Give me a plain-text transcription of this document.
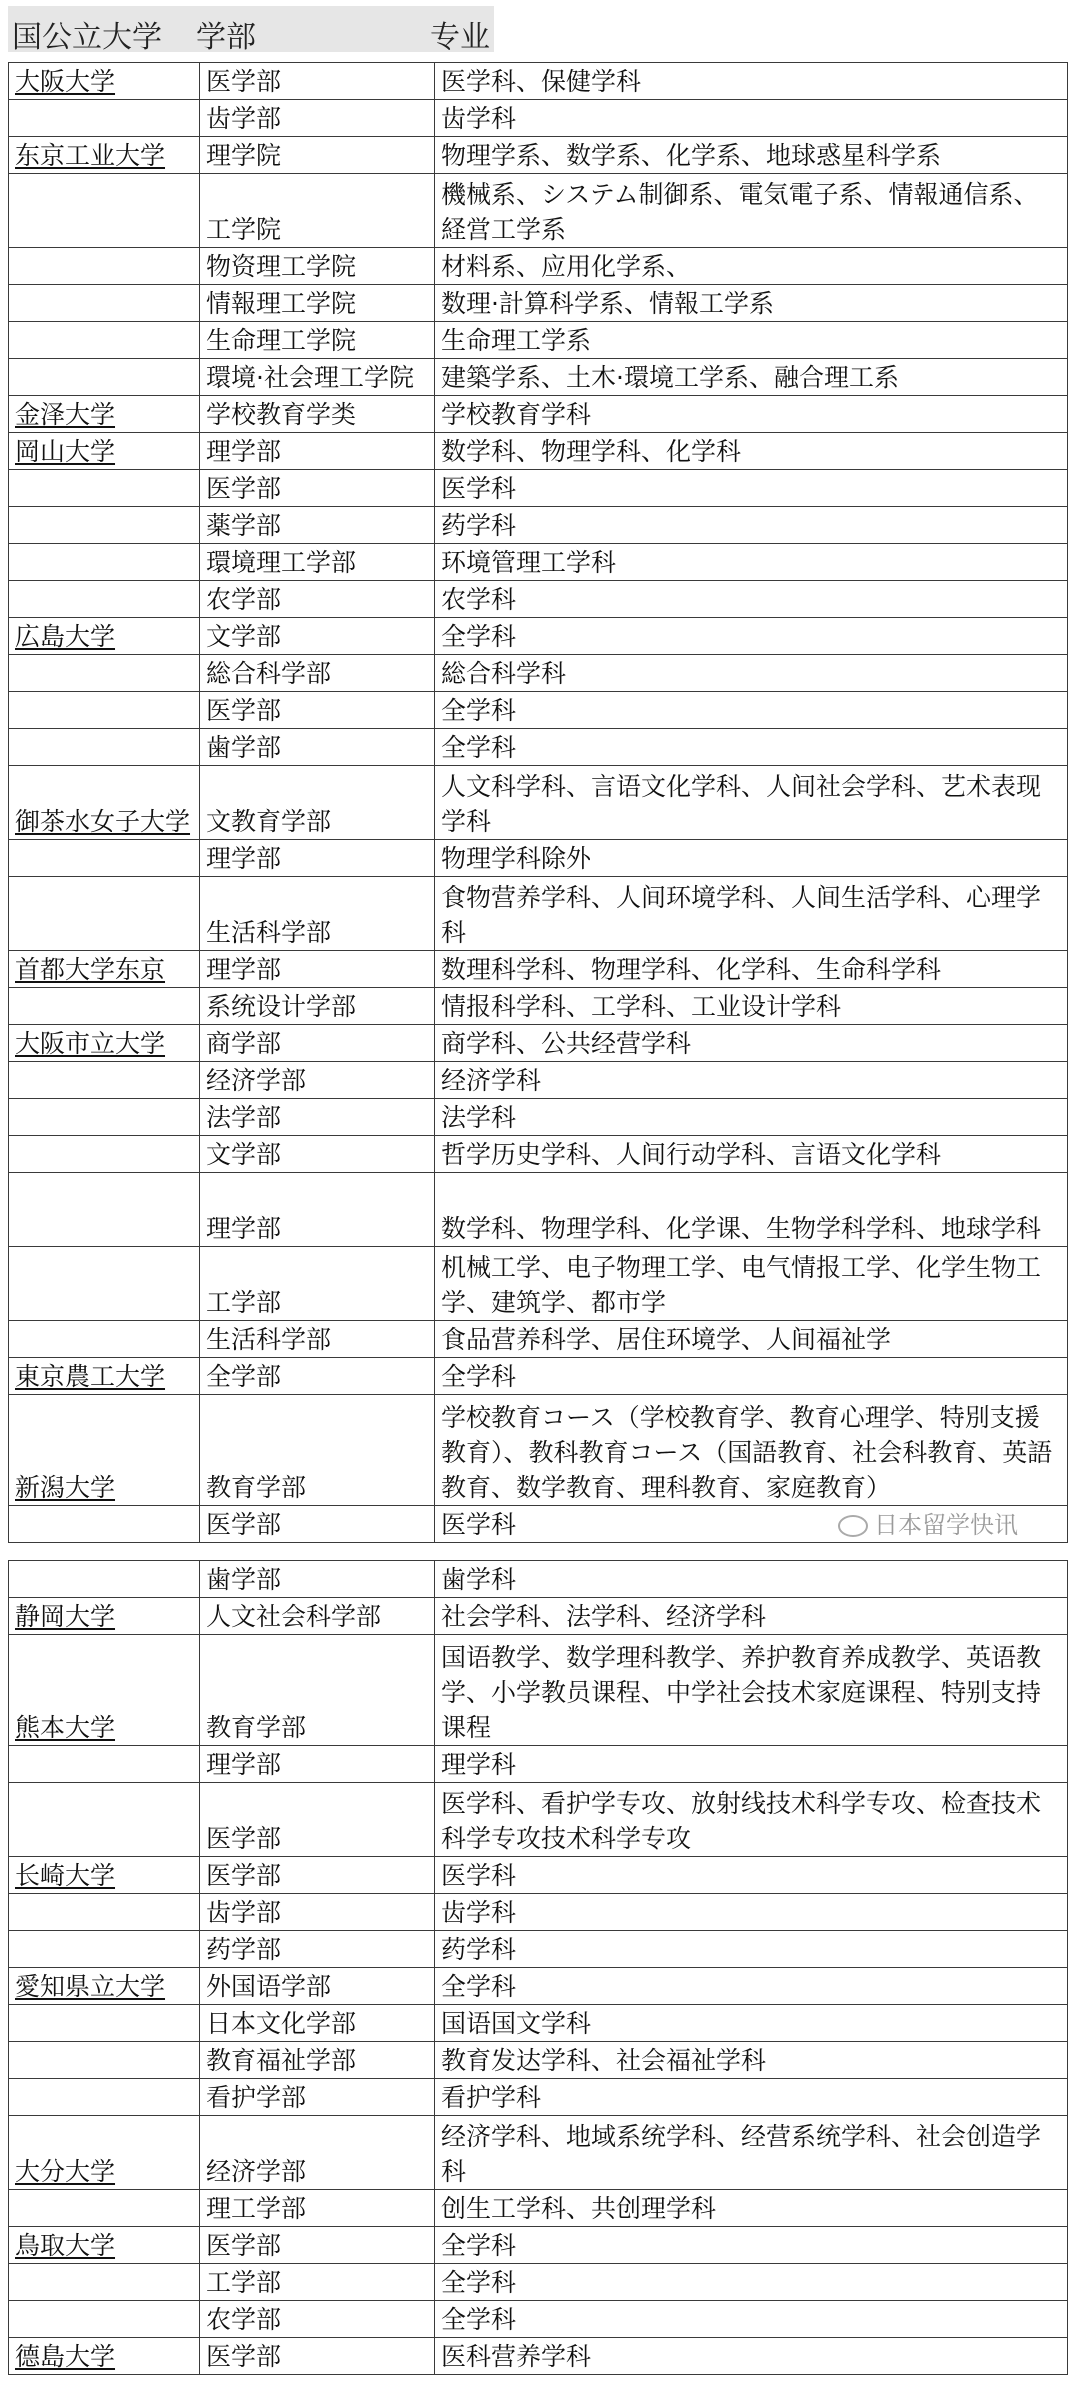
国公立大学 学部	专业
大阪大学	医学部	医学科、保健学科
	齿学部	齿学科
东京工业大学	理学院	物理学系、数学系、化学系、地球惑星科学系
	工学院	機械系、システム制御系、電気電子系、情報通信系、経営工学系
	物资理工学院	材料系、应用化学系、
	情報理工学院	数理·計算科学系、情報工学系
	生命理工学院	生命理工学系
	環境·社会理工学院	建築学系、土木·環境工学系、融合理工系
金泽大学	学校教育学类	学校教育学科
岡山大学	理学部	数学科、物理学科、化学科
	医学部	医学科
	薬学部	药学科
	環境理工学部	环境管理工学科
	农学部	农学科
広島大学	文学部	全学科
	総合科学部	総合科学科
	医学部	全学科
	歯学部	全学科
御茶水女子大学	文教育学部	人文科学科、言语文化学科、人间社会学科、艺术表现学科
	理学部	物理学科除外
	生活科学部	食物营养学科、人间环境学科、人间生活学科、心理学科
首都大学东京	理学部	数理科学科、物理学科、化学科、生命科学科
	系统设计学部	情报科学科、工学科、工业设计学科
大阪市立大学	商学部	商学科、公共经营学科
	经济学部	经济学科
	法学部	法学科
	文学部	哲学历史学科、人间行动学科、言语文化学科
	理学部	数学科、物理学科、化学课、生物学科学科、地球学科
	工学部	机械工学、电子物理工学、电气情报工学、化学生物工学、建筑学、都市学
	生活科学部	食品营养科学、居住环境学、人间福祉学
東京農工大学	全学部	全学科
新潟大学	教育学部	学校教育コース（学校教育学、教育心理学、特別支援教育）、教科教育コース（国語教育、社会科教育、英語教育、数学教育、理科教育、家庭教育）
	医学部	医学科
	歯学部	歯学科
静岡大学	人文社会科学部	社会学科、法学科、经济学科
熊本大学	教育学部	国语教学、数学理科教学、养护教育养成教学、英语教学、小学教员课程、中学社会技术家庭课程、特别支持课程
	理学部	理学科
	医学部	医学科、看护学专攻、放射线技术科学专攻、检查技术科学专攻技术科学专攻
长崎大学	医学部	医学科
	齿学部	齿学科
	药学部	药学科
愛知県立大学	外国语学部	全学科
	日本文化学部	国语国文学科
	教育福祉学部	教育发达学科、社会福祉学科
	看护学部	看护学科
大分大学	经济学部	经济学科、地域系统学科、经营系统学科、社会创造学科
	理工学部	创生工学科、共创理学科
鳥取大学	医学部	全学科
	工学部	全学科
	农学部	全学科
德島大学	医学部	医科营养学科
日本留学快讯
